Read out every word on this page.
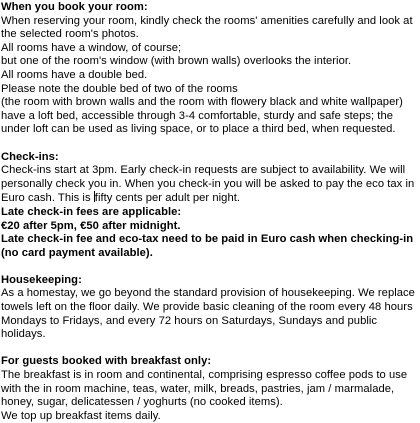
When you book your room:
When reserving your room, kindly check the rooms' amenities carefully and look at the selected room's photos.
All rooms have a window, of course;
but one of the room's window (with brown walls) overlooks the interior.
All rooms have a double bed.
Please note the double bed of two of the rooms
(the room with brown walls and the room with flowery black and white wallpaper) have a loft bed, accessible through 3-4 comfortable, sturdy and safe steps; the under loft can be used as living space, or to place a third bed, when requested.
Check-ins:
Check-ins start at 3pm. Early check-in requests are subject to availability. We will personally check you in. When you check-in you will be asked to pay the eco tax in Euro cash. This is fifty cents per adult per night.
Late check-in fees are applicable:
€20 after 5pm, €50 after midnight.
Late check-in fee and eco-tax need to be paid in Euro cash when checking-in (no card payment available).
Housekeeping:
As a homestay, we go beyond the standard provision of housekeeping. We replace towels left on the floor daily. We provide basic cleaning of the room every 48 hours Mondays to Fridays, and every 72 hours on Saturdays, Sundays and public holidays.
For guests booked with breakfast only:
The breakfast is in room and continental, comprising espresso coffee pods to use with the in room machine, teas, water, milk, breads, pastries, jam / marmalade, honey, sugar, delicatessen / yoghurts (no cooked items).
We top up breakfast items daily.
